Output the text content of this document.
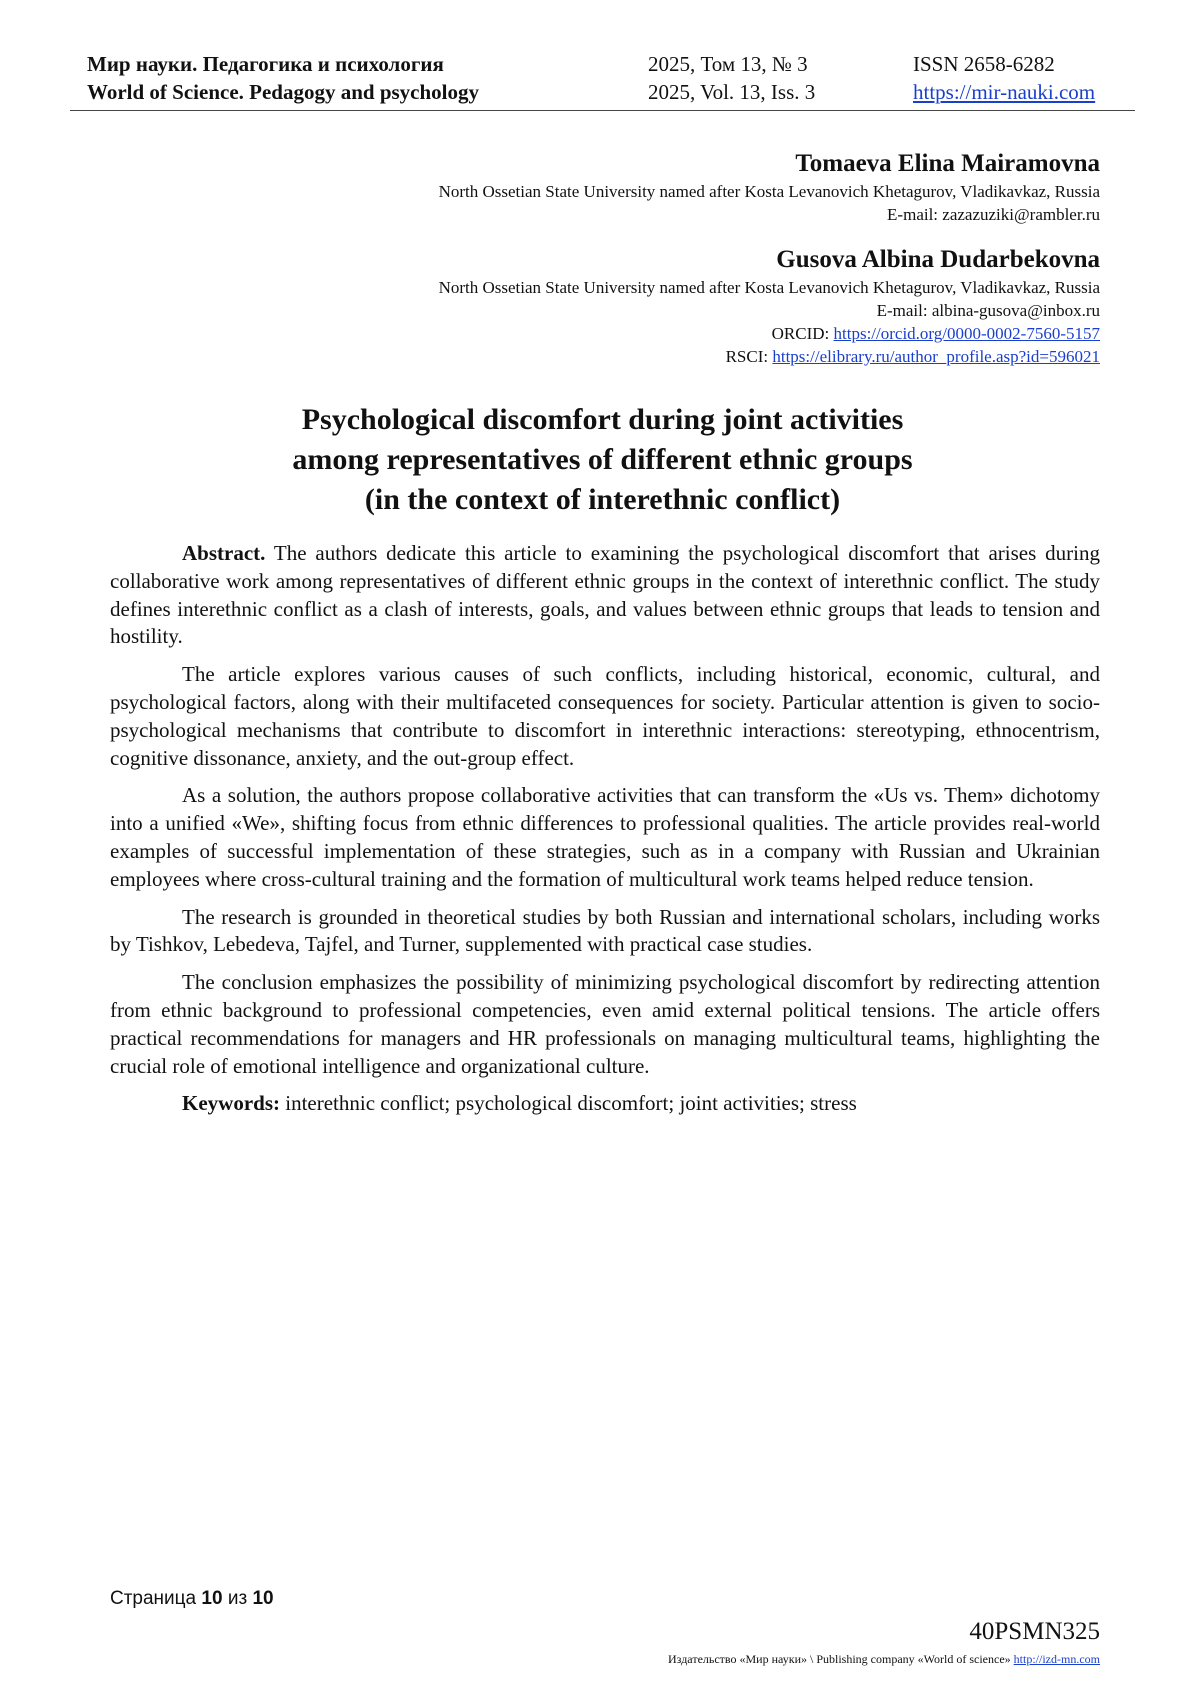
Мир науки. Педагогика и психология	2025, Том 13, № 3	ISSN 2658-6282
World of Science. Pedagogy and psychology	2025, Vol. 13, Iss. 3	https://mir-nauki.com
Tomaeva Elina Mairamovna
North Ossetian State University named after Kosta Levanovich Khetagurov, Vladikavkaz, Russia
E-mail: zazazuziki@rambler.ru
Gusova Albina Dudarbekovna
North Ossetian State University named after Kosta Levanovich Khetagurov, Vladikavkaz, Russia
E-mail: albina-gusova@inbox.ru
ORCID: https://orcid.org/0000-0002-7560-5157
RSCI: https://elibrary.ru/author_profile.asp?id=596021
Psychological discomfort during joint activities
among representatives of different ethnic groups
(in the context of interethnic conflict)

Abstract. The authors dedicate this article to examining the psychological discomfort that arises during collaborative work among representatives of different ethnic groups in the context of interethnic conflict. The study defines interethnic conflict as a clash of interests, goals, and values between ethnic groups that leads to tension and hostility.

The article explores various causes of such conflicts, including historical, economic, cultural, and psychological factors, along with their multifaceted consequences for society. Particular attention is given to socio-psychological mechanisms that contribute to discomfort in interethnic interactions: stereotyping, ethnocentrism, cognitive dissonance, anxiety, and the out-group effect.

As a solution, the authors propose collaborative activities that can transform the «Us vs. Them» dichotomy into a unified «We», shifting focus from ethnic differences to professional qualities. The article provides real-world examples of successful implementation of these strategies, such as in a company with Russian and Ukrainian employees where cross-cultural training and the formation of multicultural work teams helped reduce tension.

The research is grounded in theoretical studies by both Russian and international scholars, including works by Tishkov, Lebedeva, Tajfel, and Turner, supplemented with practical case studies.

The conclusion emphasizes the possibility of minimizing psychological discomfort by redirecting attention from ethnic background to professional competencies, even amid external political tensions. The article offers practical recommendations for managers and HR professionals on managing multicultural teams, highlighting the crucial role of emotional intelligence and organizational culture.

Keywords: interethnic conflict; psychological discomfort; joint activities; stress

Страница 10 из 10
40PSMN325
Издательство «Мир науки» \ Publishing company «World of science» http://izd-mn.com
